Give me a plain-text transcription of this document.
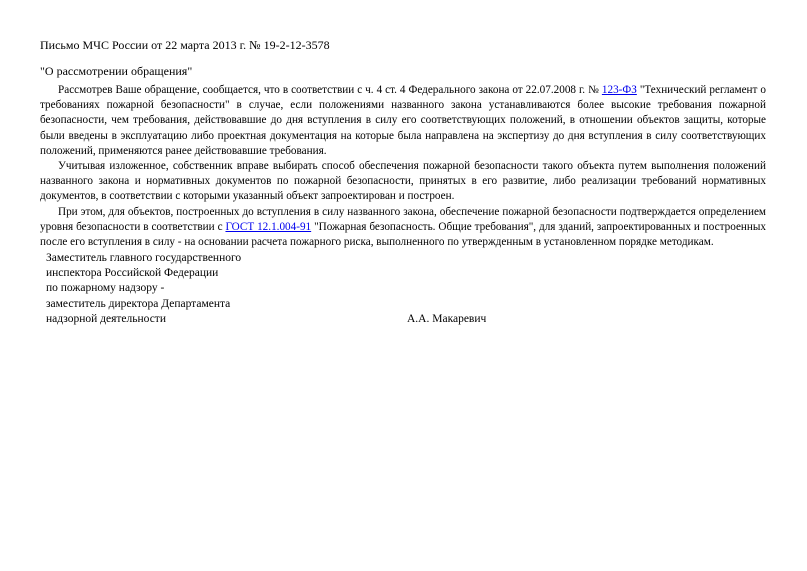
Письмо МЧС России от 22 марта 2013 г. № 19-2-12-3578
"О рассмотрении обращения"

Рассмотрев Ваше обращение, сообщается, что в соответствии с ч. 4 ст. 4 Федерального закона от 22.07.2008 г. № 123-ФЗ "Технический регламент о требованиях пожарной безопасности" в случае, если положениями названного закона устанавливаются более высокие требования пожарной безопасности, чем требования, действовавшие до дня вступления в силу его соответствующих положений, в отношении объектов защиты, которые были введены в эксплуатацию либо проектная документация на которые была направлена на экспертизу до дня вступления в силу соответствующих положений, применяются ранее действовавшие требования.

Учитывая изложенное, собственник вправе выбирать способ обеспечения пожарной безопасности такого объекта путем выполнения положений названного закона и нормативных документов по пожарной безопасности, принятых в его развитие, либо реализации требований нормативных документов, в соответствии с которыми указанный объект запроектирован и построен.

При этом, для объектов, построенных до вступления в силу названного закона, обеспечение пожарной безопасности подтверждается определением уровня безопасности в соответствии с ГОСТ 12.1.004-91 "Пожарная безопасность. Общие требования", для зданий, запроектированных и построенных после его вступления в силу - на основании расчета пожарного риска, выполненного по утвержденным в установленном порядке методикам.

Заместитель главного государственного
инспектора Российской Федерации
по пожарному надзору -
заместитель директора Департамента
надзорной деятельности	А.А. Макаревич
